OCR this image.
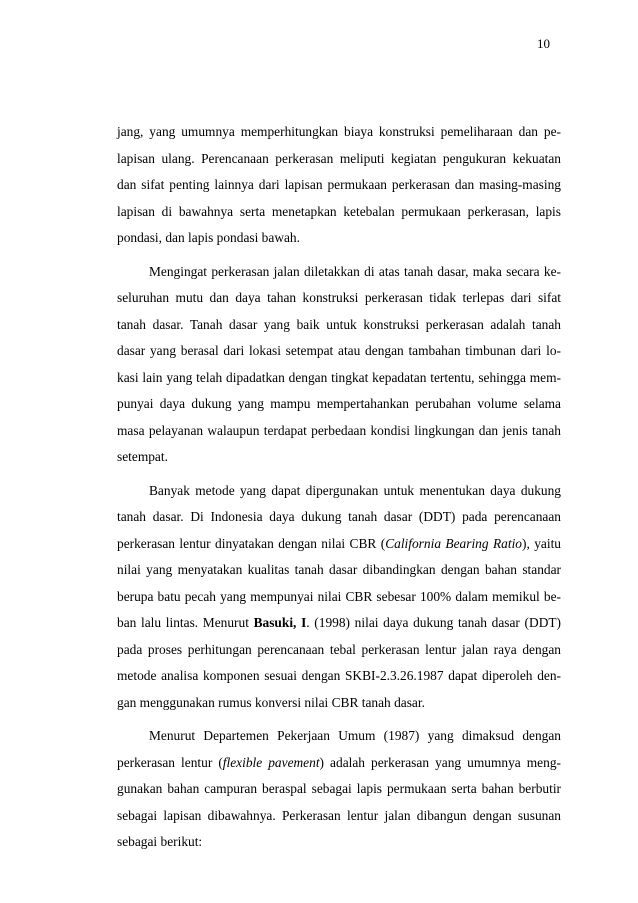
10

jang, yang umumnya memperhitungkan biaya konstruksi pemeliharaan dan pe-
lapisan ulang. Perencanaan perkerasan meliputi kegiatan pengukuran kekuatan
dan sifat penting lainnya dari lapisan permukaan perkerasan dan masing-masing
lapisan di bawahnya serta menetapkan ketebalan permukaan perkerasan, lapis
pondasi, dan lapis pondasi bawah.

Mengingat perkerasan jalan diletakkan di atas tanah dasar, maka secara ke-
seluruhan mutu dan daya tahan konstruksi perkerasan tidak terlepas dari sifat
tanah dasar. Tanah dasar yang baik untuk konstruksi perkerasan adalah tanah
dasar yang berasal dari lokasi setempat atau dengan tambahan timbunan dari lo-
kasi lain yang telah dipadatkan dengan tingkat kepadatan tertentu, sehingga mem-
punyai daya dukung yang mampu mempertahankan perubahan volume selama
masa pelayanan walaupun terdapat perbedaan kondisi lingkungan dan jenis tanah
setempat.

Banyak metode yang dapat dipergunakan untuk menentukan daya dukung
tanah dasar. Di Indonesia daya dukung tanah dasar (DDT) pada perencanaan
perkerasan lentur dinyatakan dengan nilai CBR (California Bearing Ratio), yaitu
nilai yang menyatakan kualitas tanah dasar dibandingkan dengan bahan standar
berupa batu pecah yang mempunyai nilai CBR sebesar 100% dalam memikul be-
ban lalu lintas. Menurut Basuki, I. (1998) nilai daya dukung tanah dasar (DDT)
pada proses perhitungan perencanaan tebal perkerasan lentur jalan raya dengan
metode analisa komponen sesuai dengan SKBI-2.3.26.1987 dapat diperoleh den-
gan menggunakan rumus konversi nilai CBR tanah dasar.

Menurut Departemen Pekerjaan Umum (1987) yang dimaksud dengan
perkerasan lentur (flexible pavement) adalah perkerasan yang umumnya meng-
gunakan bahan campuran beraspal sebagai lapis permukaan serta bahan berbutir
sebagai lapisan dibawahnya. Perkerasan lentur jalan dibangun dengan susunan
sebagai berikut:
